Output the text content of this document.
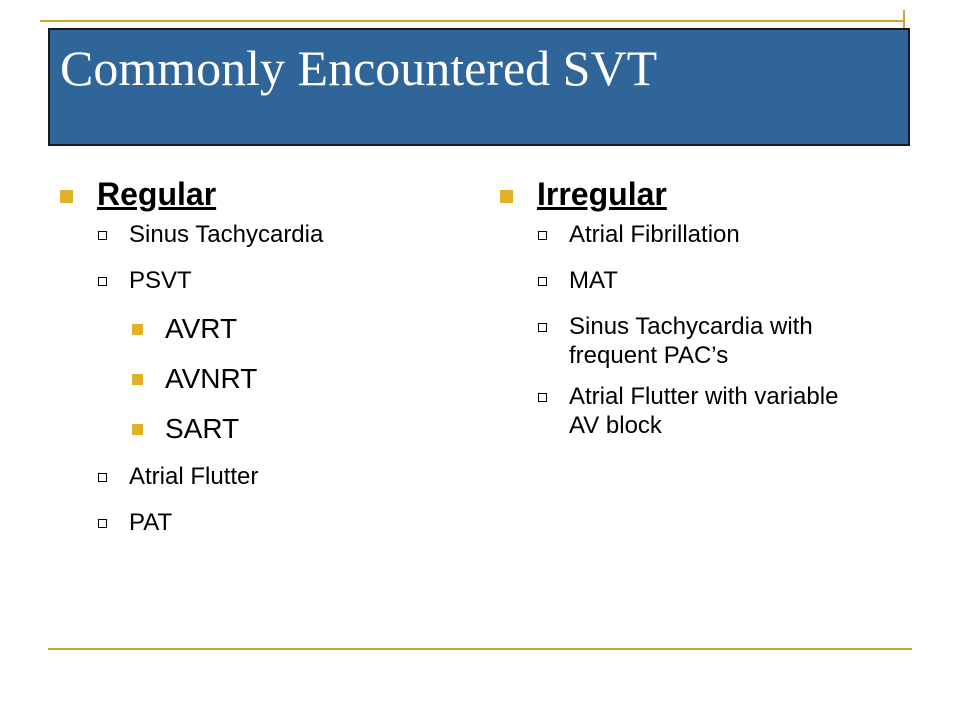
Commonly Encountered SVT
Regular
Sinus Tachycardia
PSVT
AVRT
AVNRT
SART
Atrial Flutter
PAT
Irregular
Atrial Fibrillation
MAT
Sinus Tachycardia with frequent PAC’s
Atrial Flutter with variable AV block
